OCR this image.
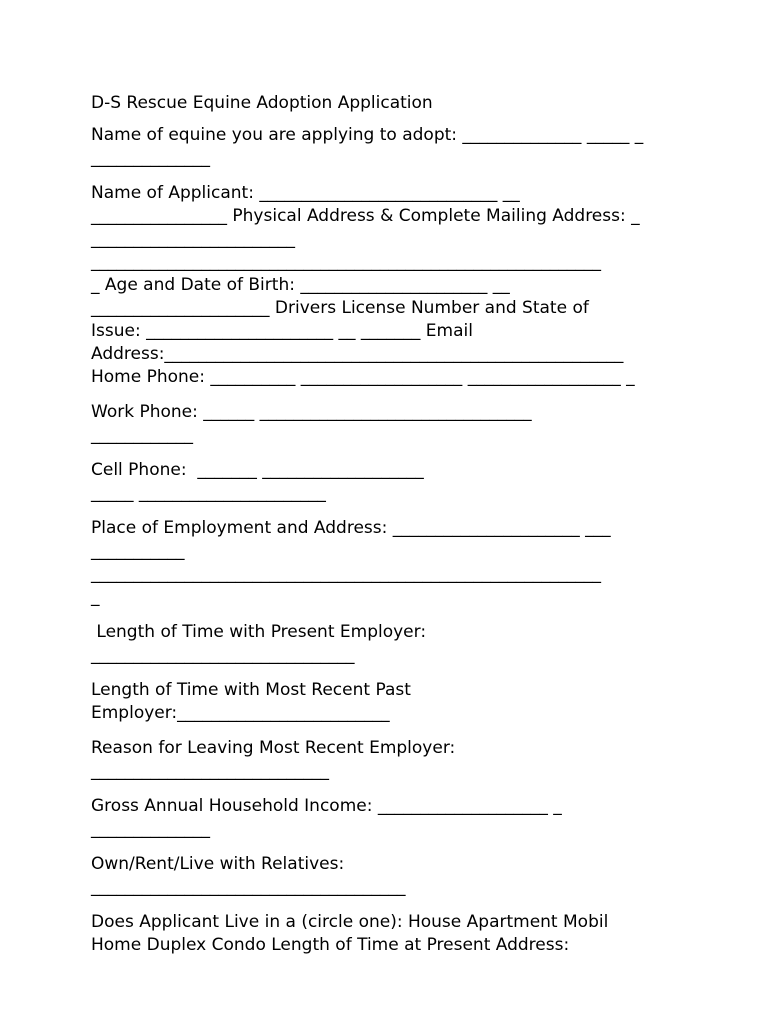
D-S Rescue Equine Adoption Application

Name of equine you are applying to adopt: ______________ _____ _
______________

Name of Applicant: ____________________________ __
________________ Physical Address & Complete Mailing Address: _
________________________
____________________________________________________________
_ Age and Date of Birth: ______________________ __
_____________________ Drivers License Number and State of
Issue: ______________________ __ _______ Email
Address:______________________________________________________
Home Phone: __________ ___________________ __________________ _

Work Phone: ______ ________________________________
____________

Cell Phone:  _______ ___________________
_____ ______________________

Place of Employment and Address: ______________________ ___
___________
____________________________________________________________
_

Length of Time with Present Employer:
_______________________________

Length of Time with Most Recent Past
Employer:_________________________

Reason for Leaving Most Recent Employer:
____________________________

Gross Annual Household Income: ____________________ _
______________

Own/Rent/Live with Relatives:
_____________________________________

Does Applicant Live in a (circle one): House Apartment Mobil
Home Duplex Condo Length of Time at Present Address:
